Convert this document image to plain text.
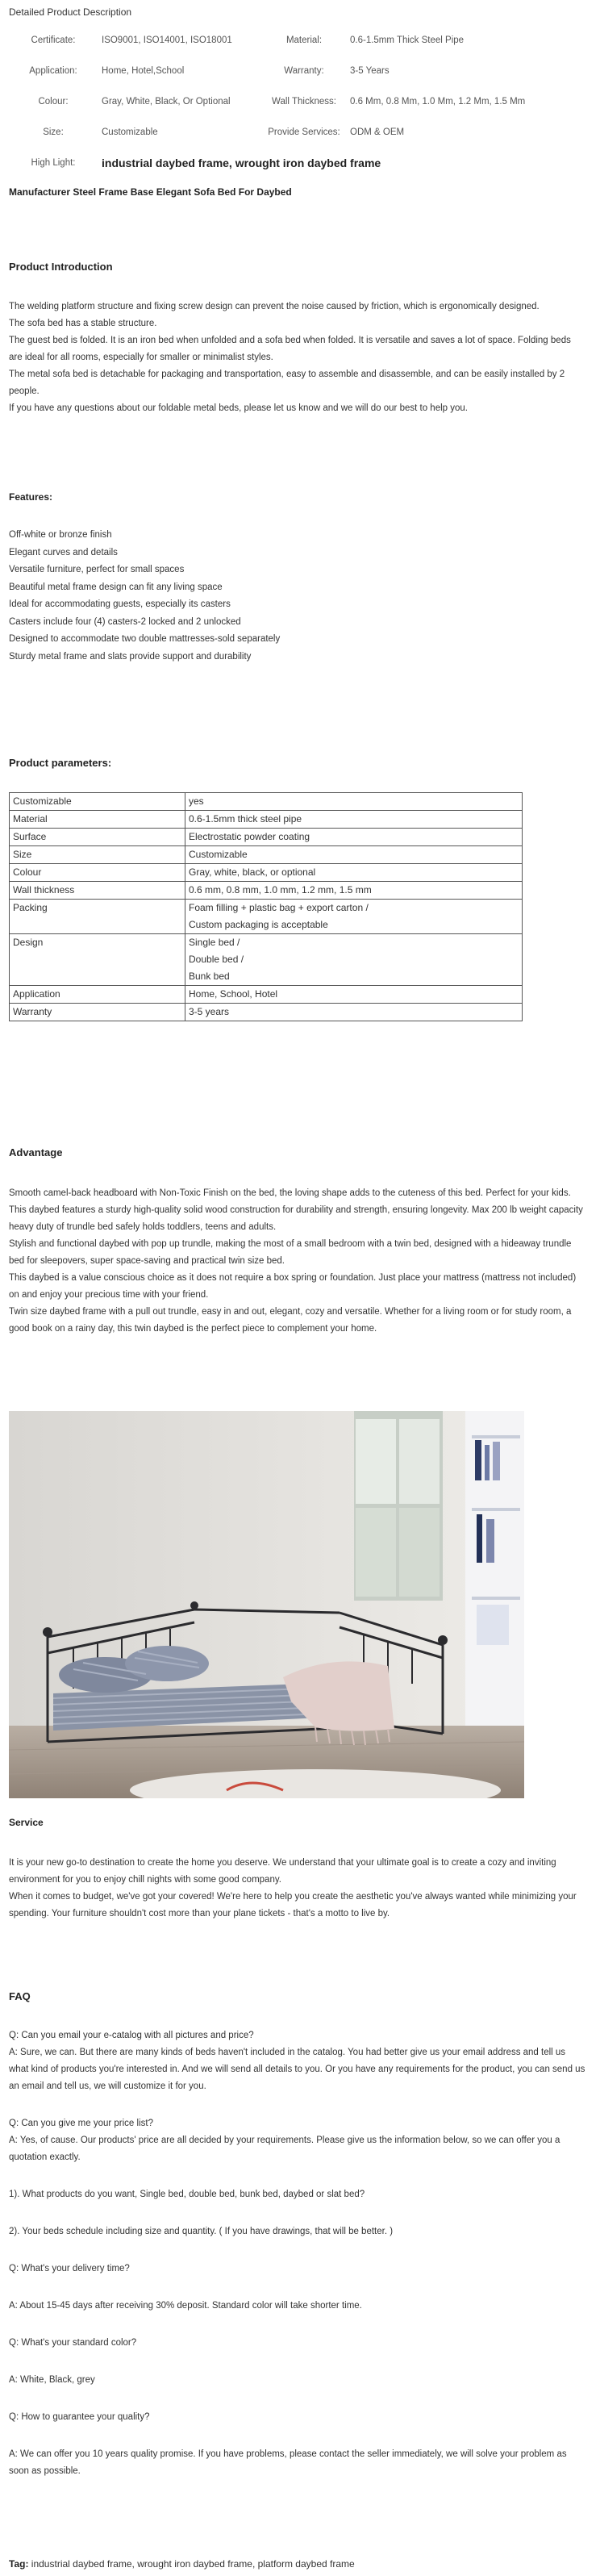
Detailed Product Description
Certificate:	ISO9001, ISO14001, ISO18001	Material:	0.6-1.5mm Thick Steel Pipe
Application:	Home, Hotel,School	Warranty:	3-5 Years
Colour:	Gray, White, Black, Or Optional	Wall Thickness:	0.6 Mm, 0.8 Mm, 1.0 Mm, 1.2 Mm, 1.5 Mm
Size:	Customizable	Provide Services:	ODM & OEM
High Light:	industrial daybed frame, wrought iron daybed frame		
Manufacturer Steel Frame Base Elegant Sofa Bed For Daybed
Product Introduction
The welding platform structure and fixing screw design can prevent the noise caused by friction, which is ergonomically designed.
The sofa bed has a stable structure.
The guest bed is folded. It is an iron bed when unfolded and a sofa bed when folded. It is versatile and saves a lot of space. Folding beds are ideal for all rooms, especially for smaller or minimalist styles.
The metal sofa bed is detachable for packaging and transportation, easy to assemble and disassemble, and can be easily installed by 2 people.
If you have any questions about our foldable metal beds, please let us know and we will do our best to help you.
Features:
Off-white or bronze finish
Elegant curves and details
Versatile furniture, perfect for small spaces
Beautiful metal frame design can fit any living space
Ideal for accommodating guests, especially its casters
Casters include four (4) casters-2 locked and 2 unlocked
Designed to accommodate two double mattresses-sold separately
Sturdy metal frame and slats provide support and durability
Product parameters:
Customizable	yes

Material	0.6-1.5mm thick steel pipe

Surface	Electrostatic powder coating

Size	Customizable

Colour	Gray, white, black, or optional

Wall thickness	0.6 mm, 0.8 mm, 1.0 mm, 1.2 mm, 1.5 mm

Packing	Foam filling + plastic bag + export carton /
Custom packaging is acceptable

Design	Single bed /
Double bed /
Bunk bed

Application	Home, School, Hotel

Warranty	3-5 years
Advantage
Smooth camel-back headboard with Non-Toxic Finish on the bed, the loving shape adds to the cuteness of this bed. Perfect for your kids.
This daybed features a sturdy high-quality solid wood construction for durability and strength, ensuring longevity. Max 200 lb weight capacity heavy duty of trundle bed safely holds toddlers, teens and adults.
Stylish and functional daybed with pop up trundle, making the most of a small bedroom with a twin bed, designed with a hideaway trundle bed for sleepovers, super space-saving and practical twin size bed.
This daybed is a value conscious choice as it does not require a box spring or foundation. Just place your mattress (mattress not included) on and enjoy your precious time with your friend.
Twin size daybed frame with a pull out trundle, easy in and out, elegant, cozy and versatile. Whether for a living room or for study room, a good book on a rainy day, this twin daybed is the perfect piece to complement your home.
Service
It is your new go-to destination to create the home you deserve. We understand that your ultimate goal is to create a cozy and inviting environment for you to enjoy chill nights with some good company.
When it comes to budget, we've got your covered! We're here to help you create the aesthetic you've always wanted while minimizing your spending. Your furniture shouldn't cost more than your plane tickets - that's a motto to live by.
FAQ

Q: Can you email your e-catalog with all pictures and price?

A: Sure, we can. But there are many kinds of beds haven't included in the catalog. You had better give us your email address and tell us what kind of products you're interested in. And we will send all details to you. Or you have any requirements for the product, you can send us an email and tell us, we will customize it for you.

Q: Can you give me your price list?

A: Yes, of cause. Our products' price are all decided by your requirements. Please give us the information below, so we can offer you a quotation exactly.

1). What products do you want, Single bed, double bed, bunk bed, daybed or slat bed?

2). Your beds schedule including size and quantity. ( If you have drawings, that will be better. )

Q: What's your delivery time?

A: About 15-45 days after receiving 30% deposit. Standard color will take shorter time.

Q: What's your standard color?

A: White, Black, grey

Q: How to guarantee your quality?

A: We can offer you 10 years quality promise. If you have problems, please contact the seller immediately, we will solve your problem as soon as possible.

Tag: industrial daybed frame, wrought iron daybed frame, platform daybed frame
